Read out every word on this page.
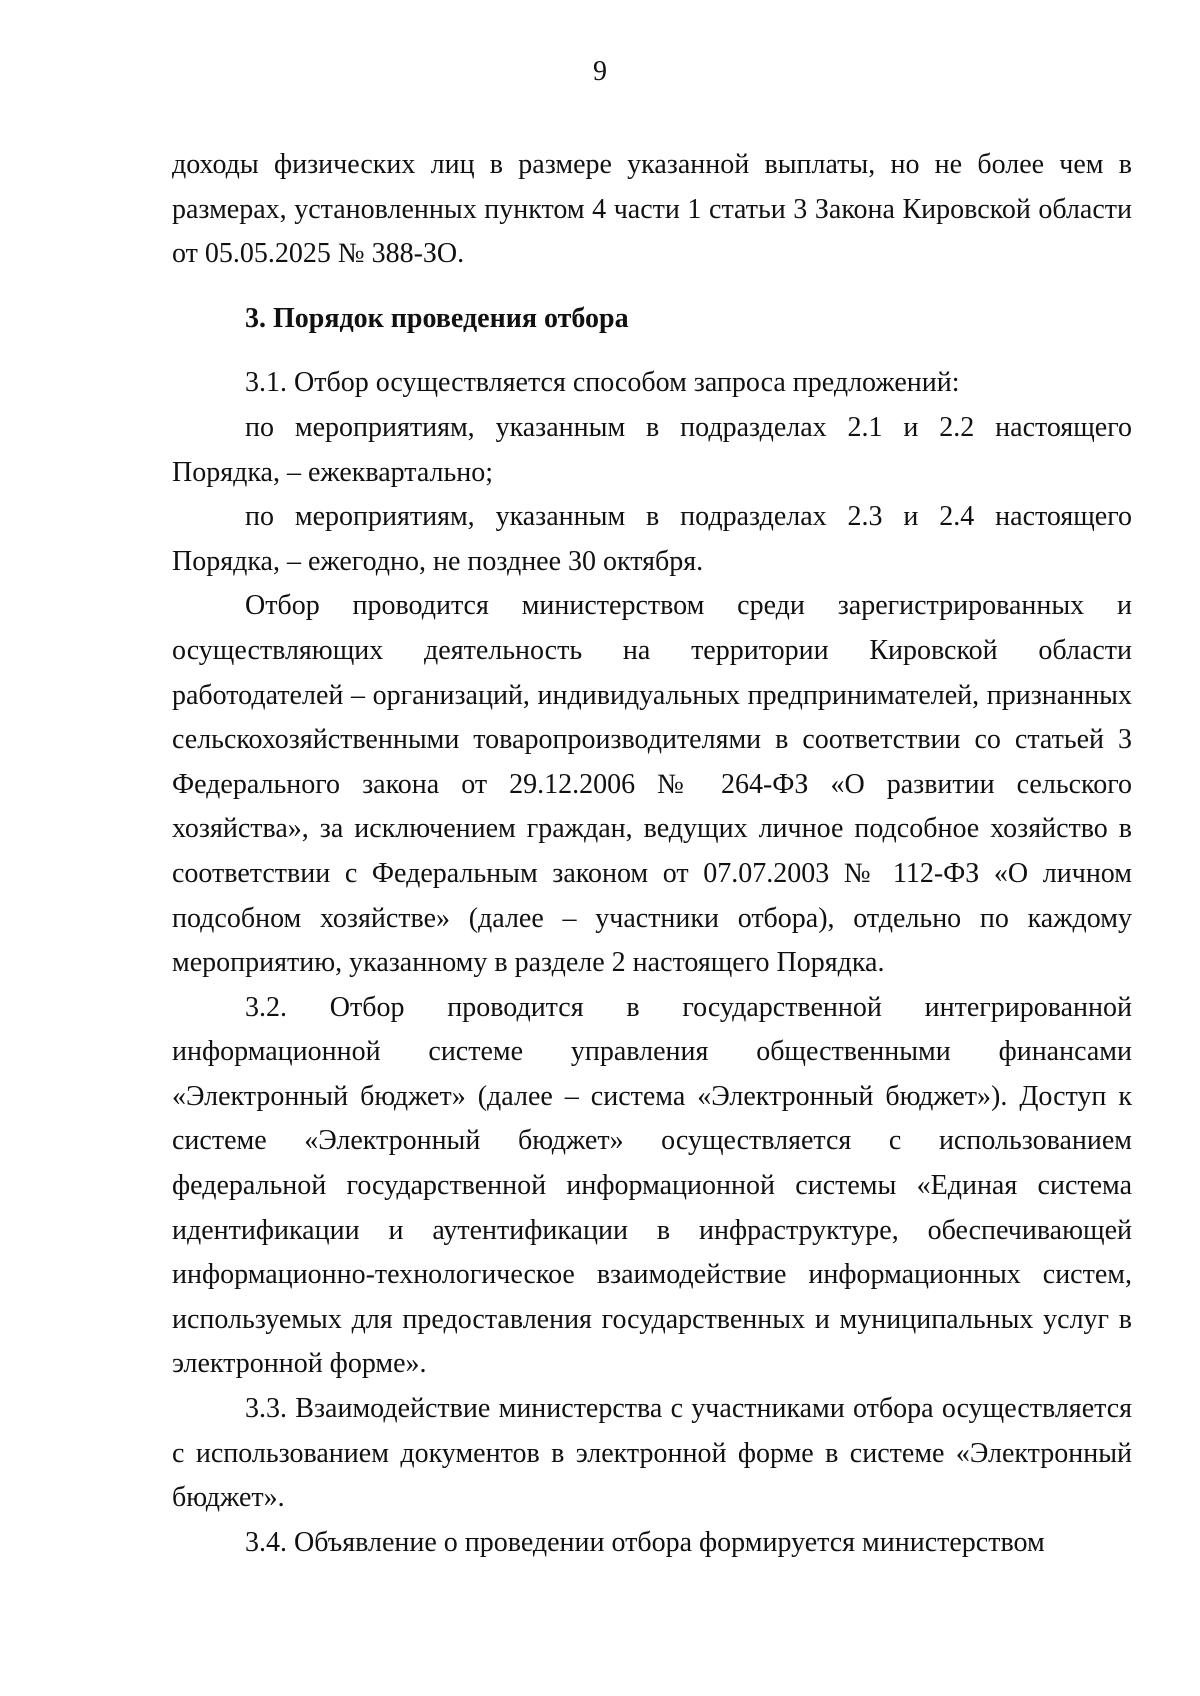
9

доходы физических лиц в размере указанной выплаты, но не более чем в размерах, установленных пунктом 4 части 1 статьи 3 Закона Кировской области от 05.05.2025 № 388-ЗО.

3. Порядок проведения отбора

3.1. Отбор осуществляется способом запроса предложений:

по мероприятиям, указанным в подразделах 2.1 и 2.2 настоящего Порядка, – ежеквартально;

по мероприятиям, указанным в подразделах 2.3 и 2.4 настоящего Порядка, – ежегодно, не позднее 30 октября.

Отбор проводится министерством среди зарегистрированных и осуществляющих деятельность на территории Кировской области работодателей – организаций, индивидуальных предпринимателей, признанных сельскохозяйственными товаропроизводителями в соответствии со статьей 3 Федерального закона от 29.12.2006 № 264-ФЗ «О развитии сельского хозяйства», за исключением граждан, ведущих личное подсобное хозяйство в соответствии с Федеральным законом от 07.07.2003 № 112-ФЗ «О личном подсобном хозяйстве» (далее – участники отбора), отдельно по каждому мероприятию, указанному в разделе 2 настоящего Порядка.

3.2. Отбор проводится в государственной интегрированной информационной системе управления общественными финансами «Электронный бюджет» (далее – система «Электронный бюджет»). Доступ к системе «Электронный бюджет» осуществляется с использованием федеральной государственной информационной системы «Единая система идентификации и аутентификации в инфраструктуре, обеспечивающей информационно-технологическое взаимодействие информационных систем, используемых для предоставления государственных и муниципальных услуг в электронной форме».

3.3. Взаимодействие министерства с участниками отбора осуществляется с использованием документов в электронной форме в системе «Электронный бюджет».

3.4. Объявление о проведении отбора формируется министерством
